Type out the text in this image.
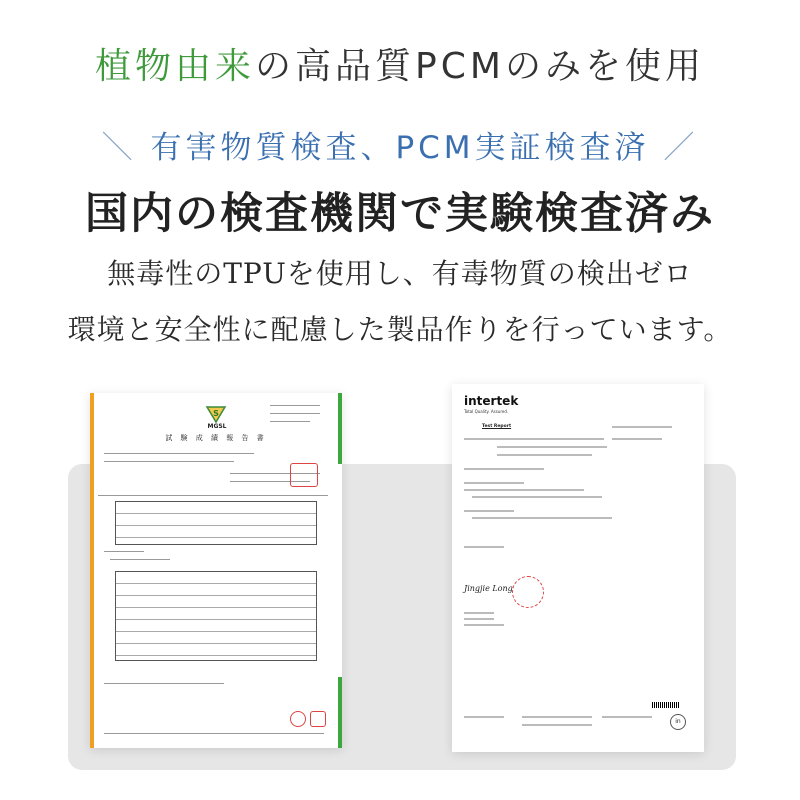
植物由来の高品質PCMのみを使用
＼ 有害物質検査、PCM実証検査済 ／
国内の検査機関で実験検査済み
無毒性のTPUを使用し、有毒物質の検出ゼロ
環境と安全性に配慮した製品作りを行っています。
S
MGSL
試 験 成 績 報 告 書
intertek
Total Quality. Assured.
Test Report
Jingjie Long
in
